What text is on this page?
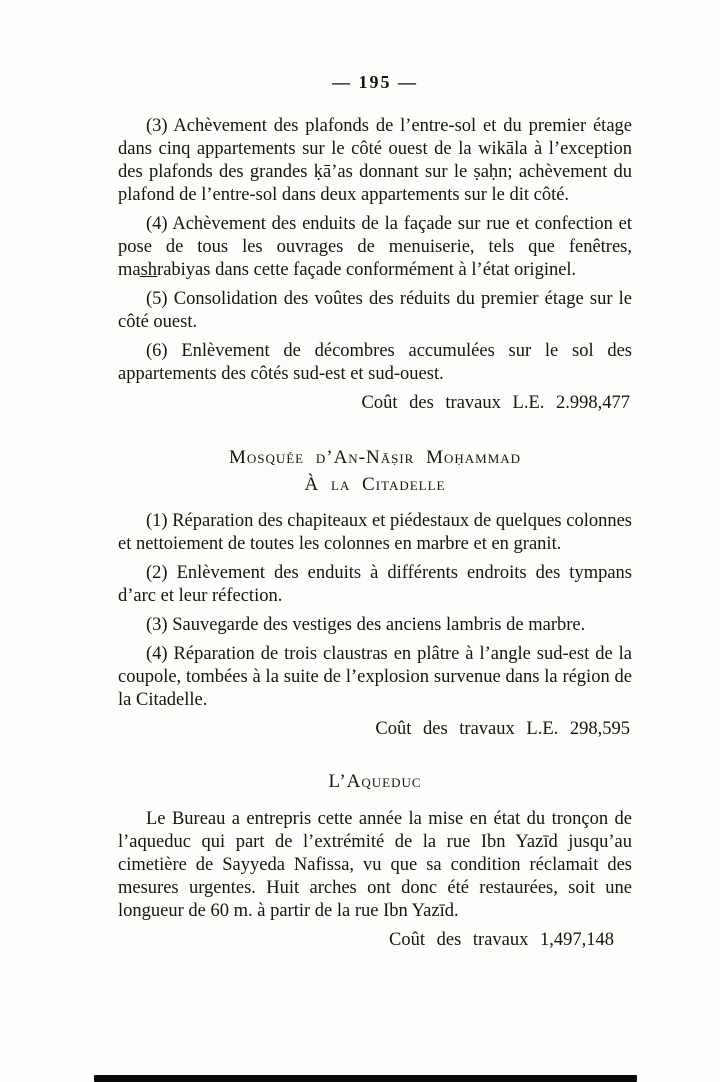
— 195 —

(3) Achèvement des plafonds de l’entre-sol et du premier étage dans cinq appartements sur le côté ouest de la wikāla à l’exception des plafonds des grandes ḳā’as donnant sur le ṣaḥn; achèvement du plafond de l’entre-sol dans deux appartements sur le dit côté.

(4) Achèvement des enduits de la façade sur rue et confection et pose de tous les ouvrages de menuiserie, tels que fenêtres, mas̲h̲rabiyas dans cette façade conformément à l’état originel.

(5) Consolidation des voûtes des réduits du premier étage sur le côté ouest.

(6) Enlèvement de décombres accumulées sur le sol des appartements des côtés sud-est et sud-ouest.

Coût des travaux L.E. 2.998,477

Mosquée d’An-Nāṣir Moḥammad
À la Citadelle

(1) Réparation des chapiteaux et piédestaux de quelques colonnes et nettoiement de toutes les colonnes en marbre et en granit.

(2) Enlèvement des enduits à différents endroits des tympans d’arc et leur réfection.

(3) Sauvegarde des vestiges des anciens lambris de marbre.

(4) Réparation de trois claustras en plâtre à l’angle sud-est de la coupole, tombées à la suite de l’explosion survenue dans la région de la Citadelle.

Coût des travaux L.E. 298,595

L’Aqueduc

Le Bureau a entrepris cette année la mise en état du tronçon de l’aqueduc qui part de l’extrémité de la rue Ibn Yazīd jusqu’au cimetière de Sayyeda Nafissa, vu que sa condition réclamait des mesures urgentes. Huit arches ont donc été restaurées, soit une longueur de 60 m. à partir de la rue Ibn Yazīd.

Coût des travaux 1,497,148
